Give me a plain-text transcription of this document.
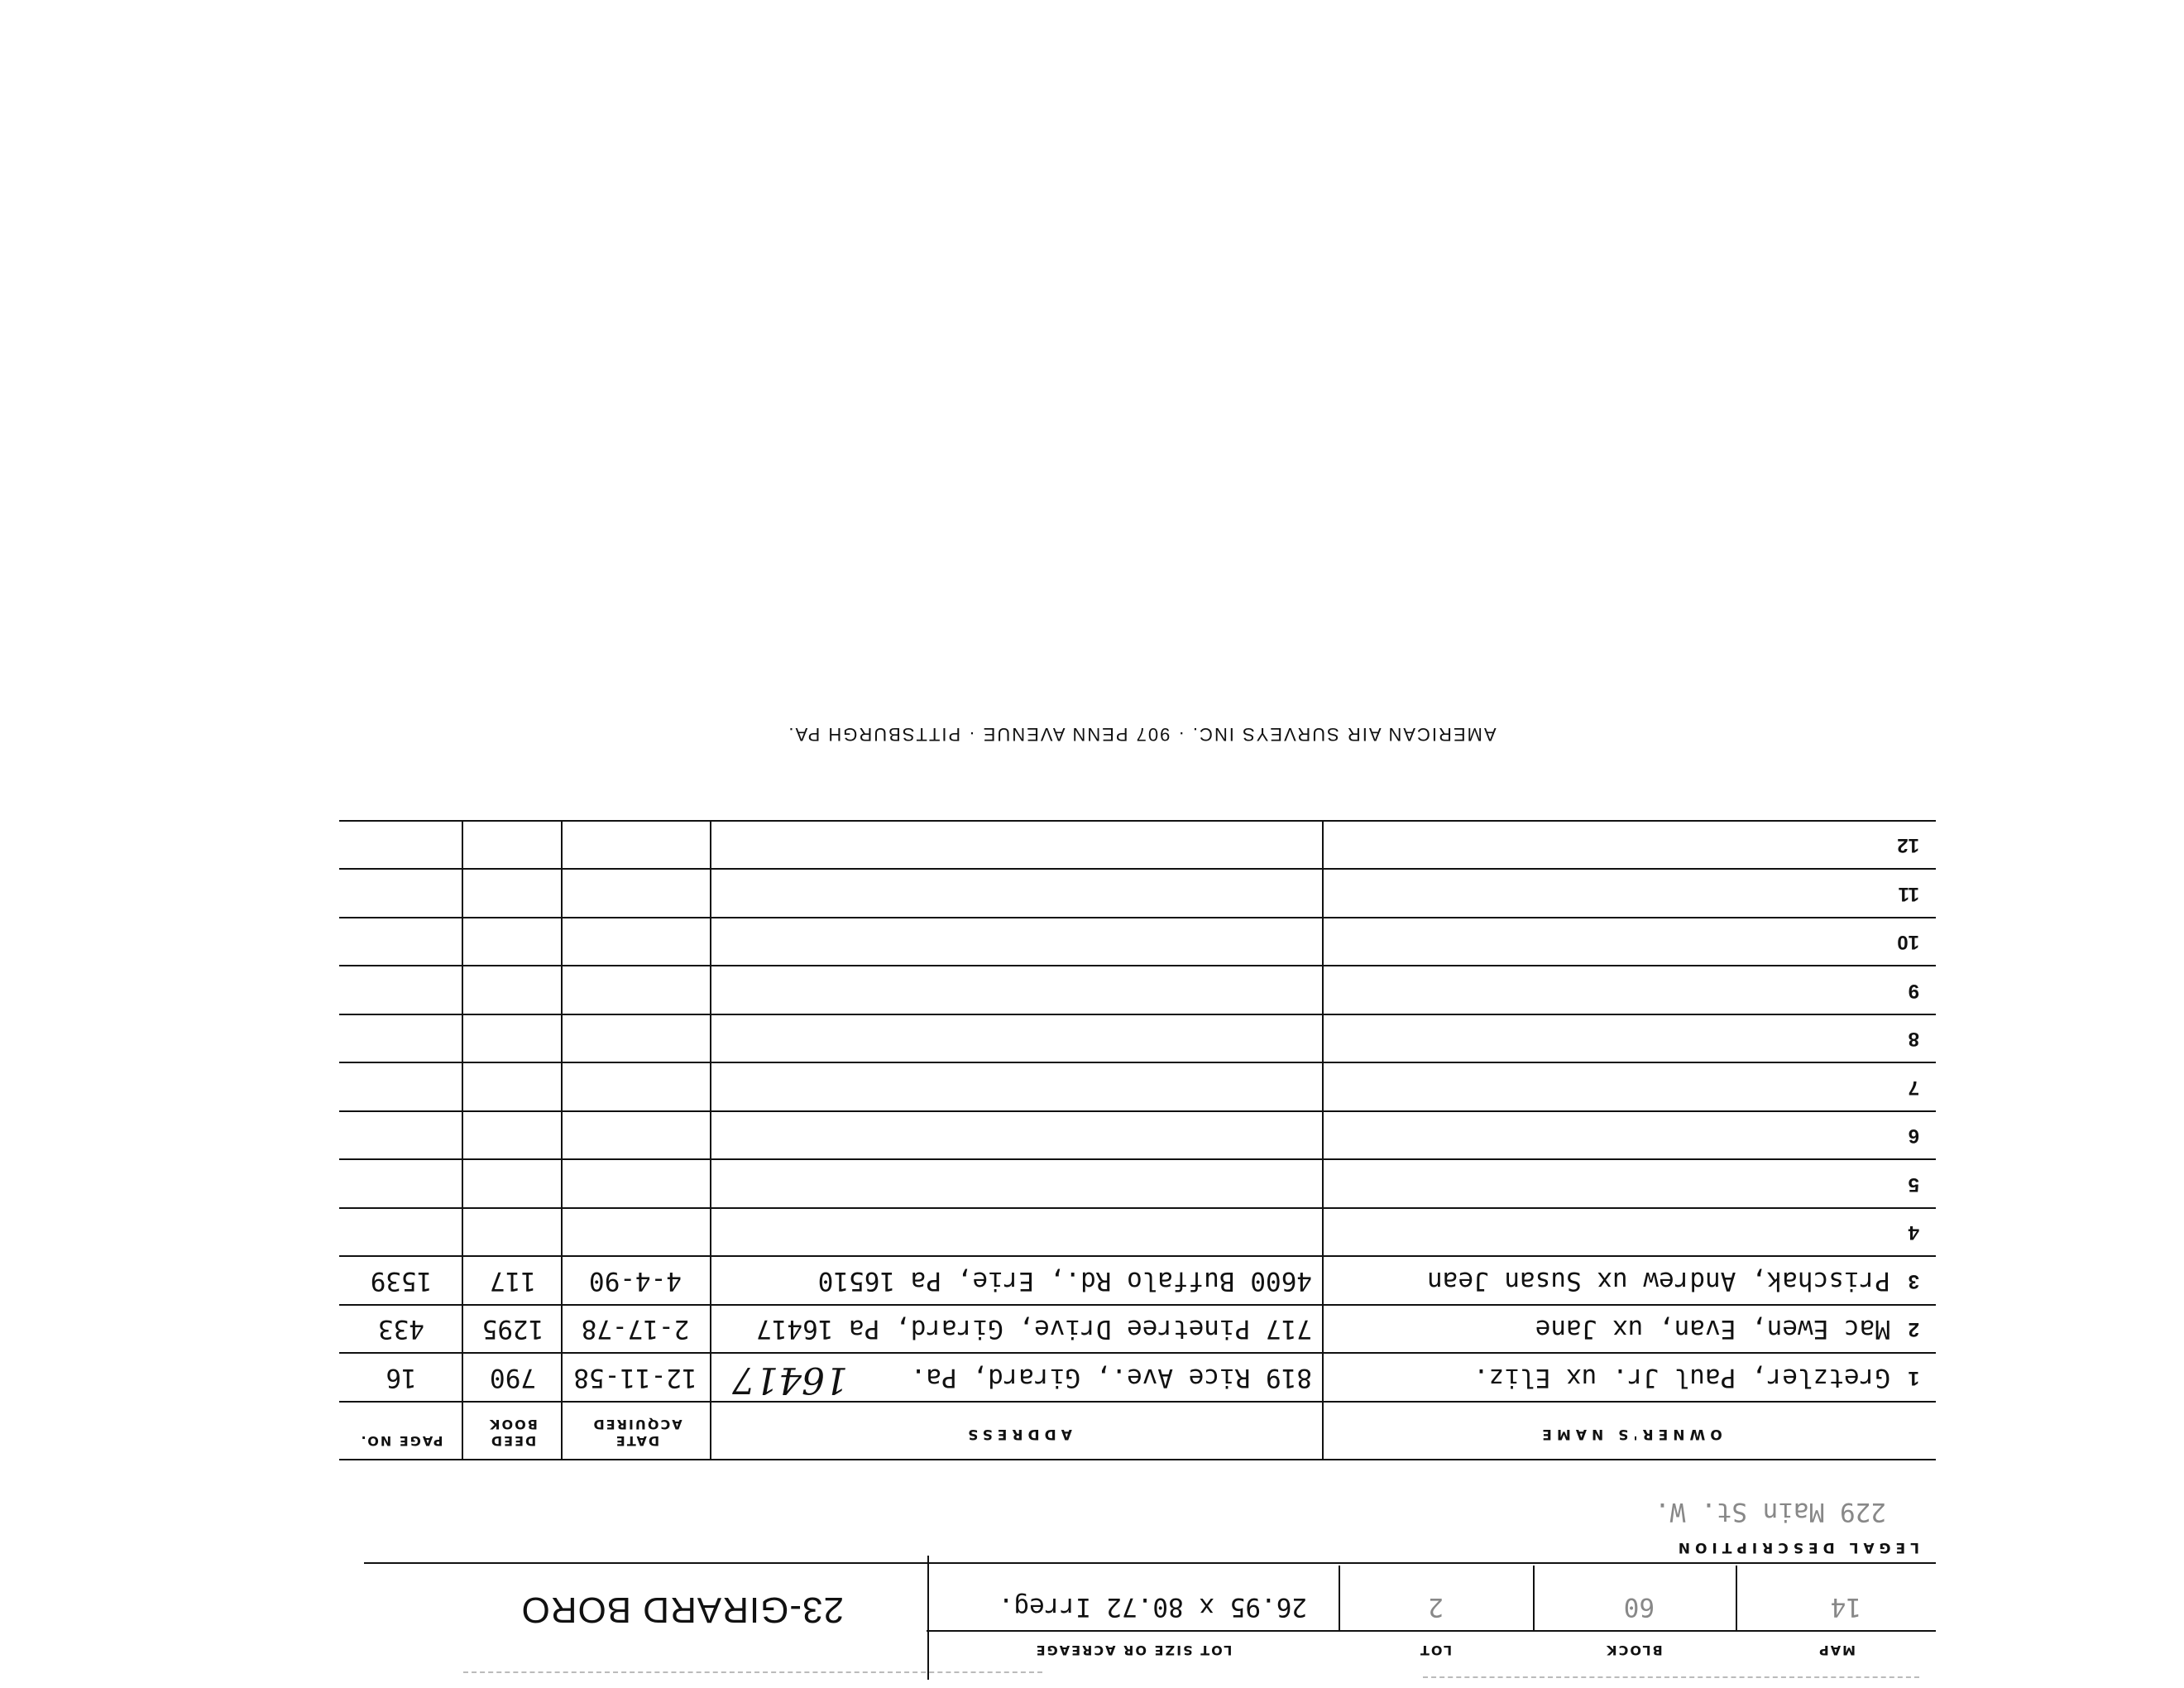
MAP
BLOCK
LOT
LOT SIZE OR ACREAGE
14
60
2
26.95 x 80.72 Irreg.
23-GIRARD BORO
LEGAL DESCRIPTION
229 Main St. W.
OWNER'S NAME
ADDRESS
DATE ACQUIRED
DEED BOOK
PAGE NO.
1
Gretzler, Paul Jr. ux Eliz.
819 Rice Ave., Girard, Pa.
16417
12-11-58
790
16
2
Mac Ewen, Evan, ux Jane
717 Pinetree Drive, Girard, Pa 16417
2-17-78
1295
433
3
Prischak, Andrew ux Susan Jean
4600 Buffalo Rd., Erie, Pa 16510
4-4-90
117
1539
4
5
6
7
8
9
10
11
12
AMERICAN AIR SURVEYS INC. · 907 PENN AVENUE · PITTSBURGH PA.
